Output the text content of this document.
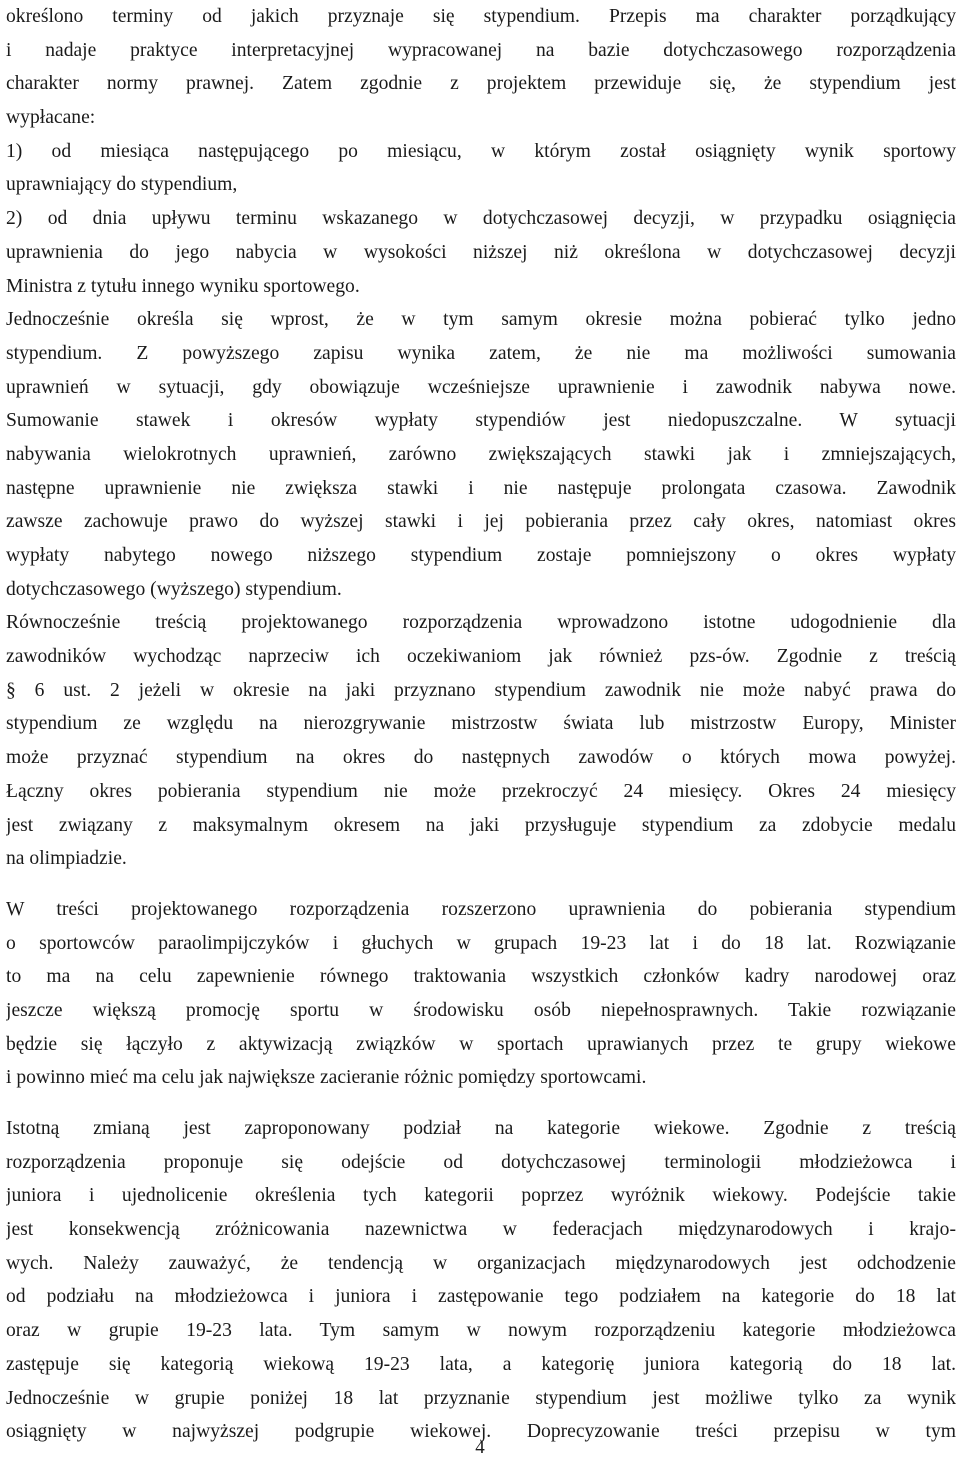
określono terminy od jakich przyznaje się stypendium. Przepis ma charakter porządkujący
i nadaje praktyce interpretacyjnej wypracowanej na bazie dotychczasowego rozporządzenia
charakter normy prawnej. Zatem zgodnie z projektem przewiduje się, że stypendium jest
wypłacane:
1) od miesiąca następującego po miesiącu, w którym został osiągnięty wynik sportowy
uprawniający do stypendium,
2) od dnia upływu terminu wskazanego w dotychczasowej decyzji, w przypadku osiągnięcia
uprawnienia do jego nabycia w wysokości niższej niż określona w dotychczasowej decyzji
Ministra z tytułu innego wyniku sportowego.
Jednocześnie określa się wprost, że w tym samym okresie można pobierać tylko jedno
stypendium. Z powyższego zapisu wynika zatem, że nie ma możliwości sumowania
uprawnień w sytuacji, gdy obowiązuje wcześniejsze uprawnienie i zawodnik nabywa nowe.
Sumowanie stawek i okresów wypłaty stypendiów jest niedopuszczalne. W sytuacji
nabywania wielokrotnych uprawnień, zarówno zwiększających stawki jak i zmniejszających,
następne uprawnienie nie zwiększa stawki i nie następuje prolongata czasowa. Zawodnik
zawsze zachowuje prawo do wyższej stawki i jej pobierania przez cały okres, natomiast okres
wypłaty nabytego nowego niższego stypendium zostaje pomniejszony o okres wypłaty
dotychczasowego (wyższego) stypendium.
Równocześnie treścią projektowanego rozporządzenia wprowadzono istotne udogodnienie dla
zawodników wychodząc naprzeciw ich oczekiwaniom jak również pzs-ów. Zgodnie z treścią
§ 6 ust. 2 jeżeli w okresie na jaki przyznano stypendium zawodnik nie może nabyć prawa do
stypendium ze względu na nierozgrywanie mistrzostw świata lub mistrzostw Europy, Minister
może przyznać stypendium na okres do następnych zawodów o których mowa powyżej.
Łączny okres pobierania stypendium nie może przekroczyć 24 miesięcy. Okres 24 miesięcy
jest związany z maksymalnym okresem na jaki przysługuje stypendium za zdobycie medalu
na olimpiadzie.
W treści projektowanego rozporządzenia rozszerzono uprawnienia do pobierania stypendium
o sportowców paraolimpijczyków i głuchych w grupach 19-23 lat i do 18 lat. Rozwiązanie
to ma na celu zapewnienie równego traktowania wszystkich członków kadry narodowej oraz
jeszcze większą promocję sportu w środowisku osób niepełnosprawnych. Takie rozwiązanie
będzie się łączyło z aktywizacją związków w sportach uprawianych przez te grupy wiekowe
i powinno mieć ma celu jak największe zacieranie różnic pomiędzy sportowcami.
Istotną zmianą jest zaproponowany podział na kategorie wiekowe. Zgodnie z treścią
rozporządzenia proponuje się odejście od dotychczasowej terminologii młodzieżowca i
juniora i ujednolicenie określenia tych kategorii poprzez wyróżnik wiekowy. Podejście takie
jest konsekwencją zróżnicowania nazewnictwa w federacjach międzynarodowych i krajo-
wych. Należy zauważyć, że tendencją w organizacjach międzynarodowych jest odchodzenie
od podziału na młodzieżowca i juniora i zastępowanie tego podziałem na kategorie do 18 lat
oraz w grupie 19-23 lata. Tym samym w nowym rozporządzeniu kategorie młodzieżowca
zastępuje się kategorią wiekową 19-23 lata, a kategorię juniora kategorią do 18 lat.
Jednocześnie w grupie poniżej 18 lat przyznanie stypendium jest możliwe tylko za wynik
osiągnięty w najwyższej podgrupie wiekowej. Doprecyzowanie treści przepisu w tym
4
